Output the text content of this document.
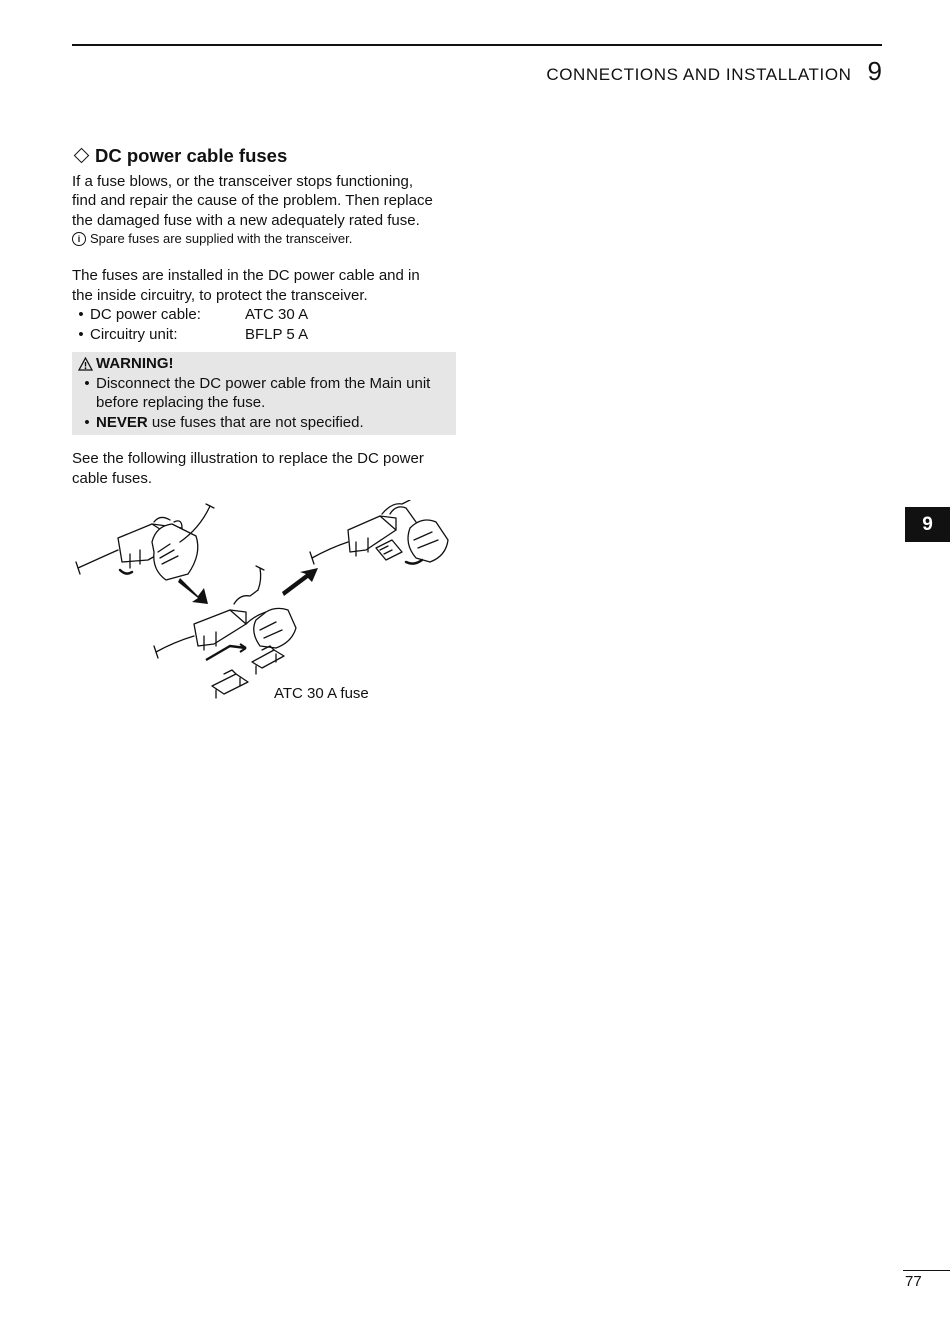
CONNECTIONS AND INSTALLATION 9
DC power cable fuses
If a fuse blows, or the transceiver stops functioning,
find and repair the cause of the problem. Then replace
the damaged fuse with a new adequately rated fuse.
i Spare fuses are supplied with the transceiver.
The fuses are installed in the DC power cable and in
the inside circuitry, to protect the transceiver.
• DC power cable:	ATC 30 A
• Circuitry unit:	BFLP 5 A
WARNING!
• Disconnect the DC power cable from the Main unit
before replacing the fuse.
• NEVER use fuses that are not specified.
See the following illustration to replace the DC power
cable fuses.
ATC 30 A fuse
9
77
